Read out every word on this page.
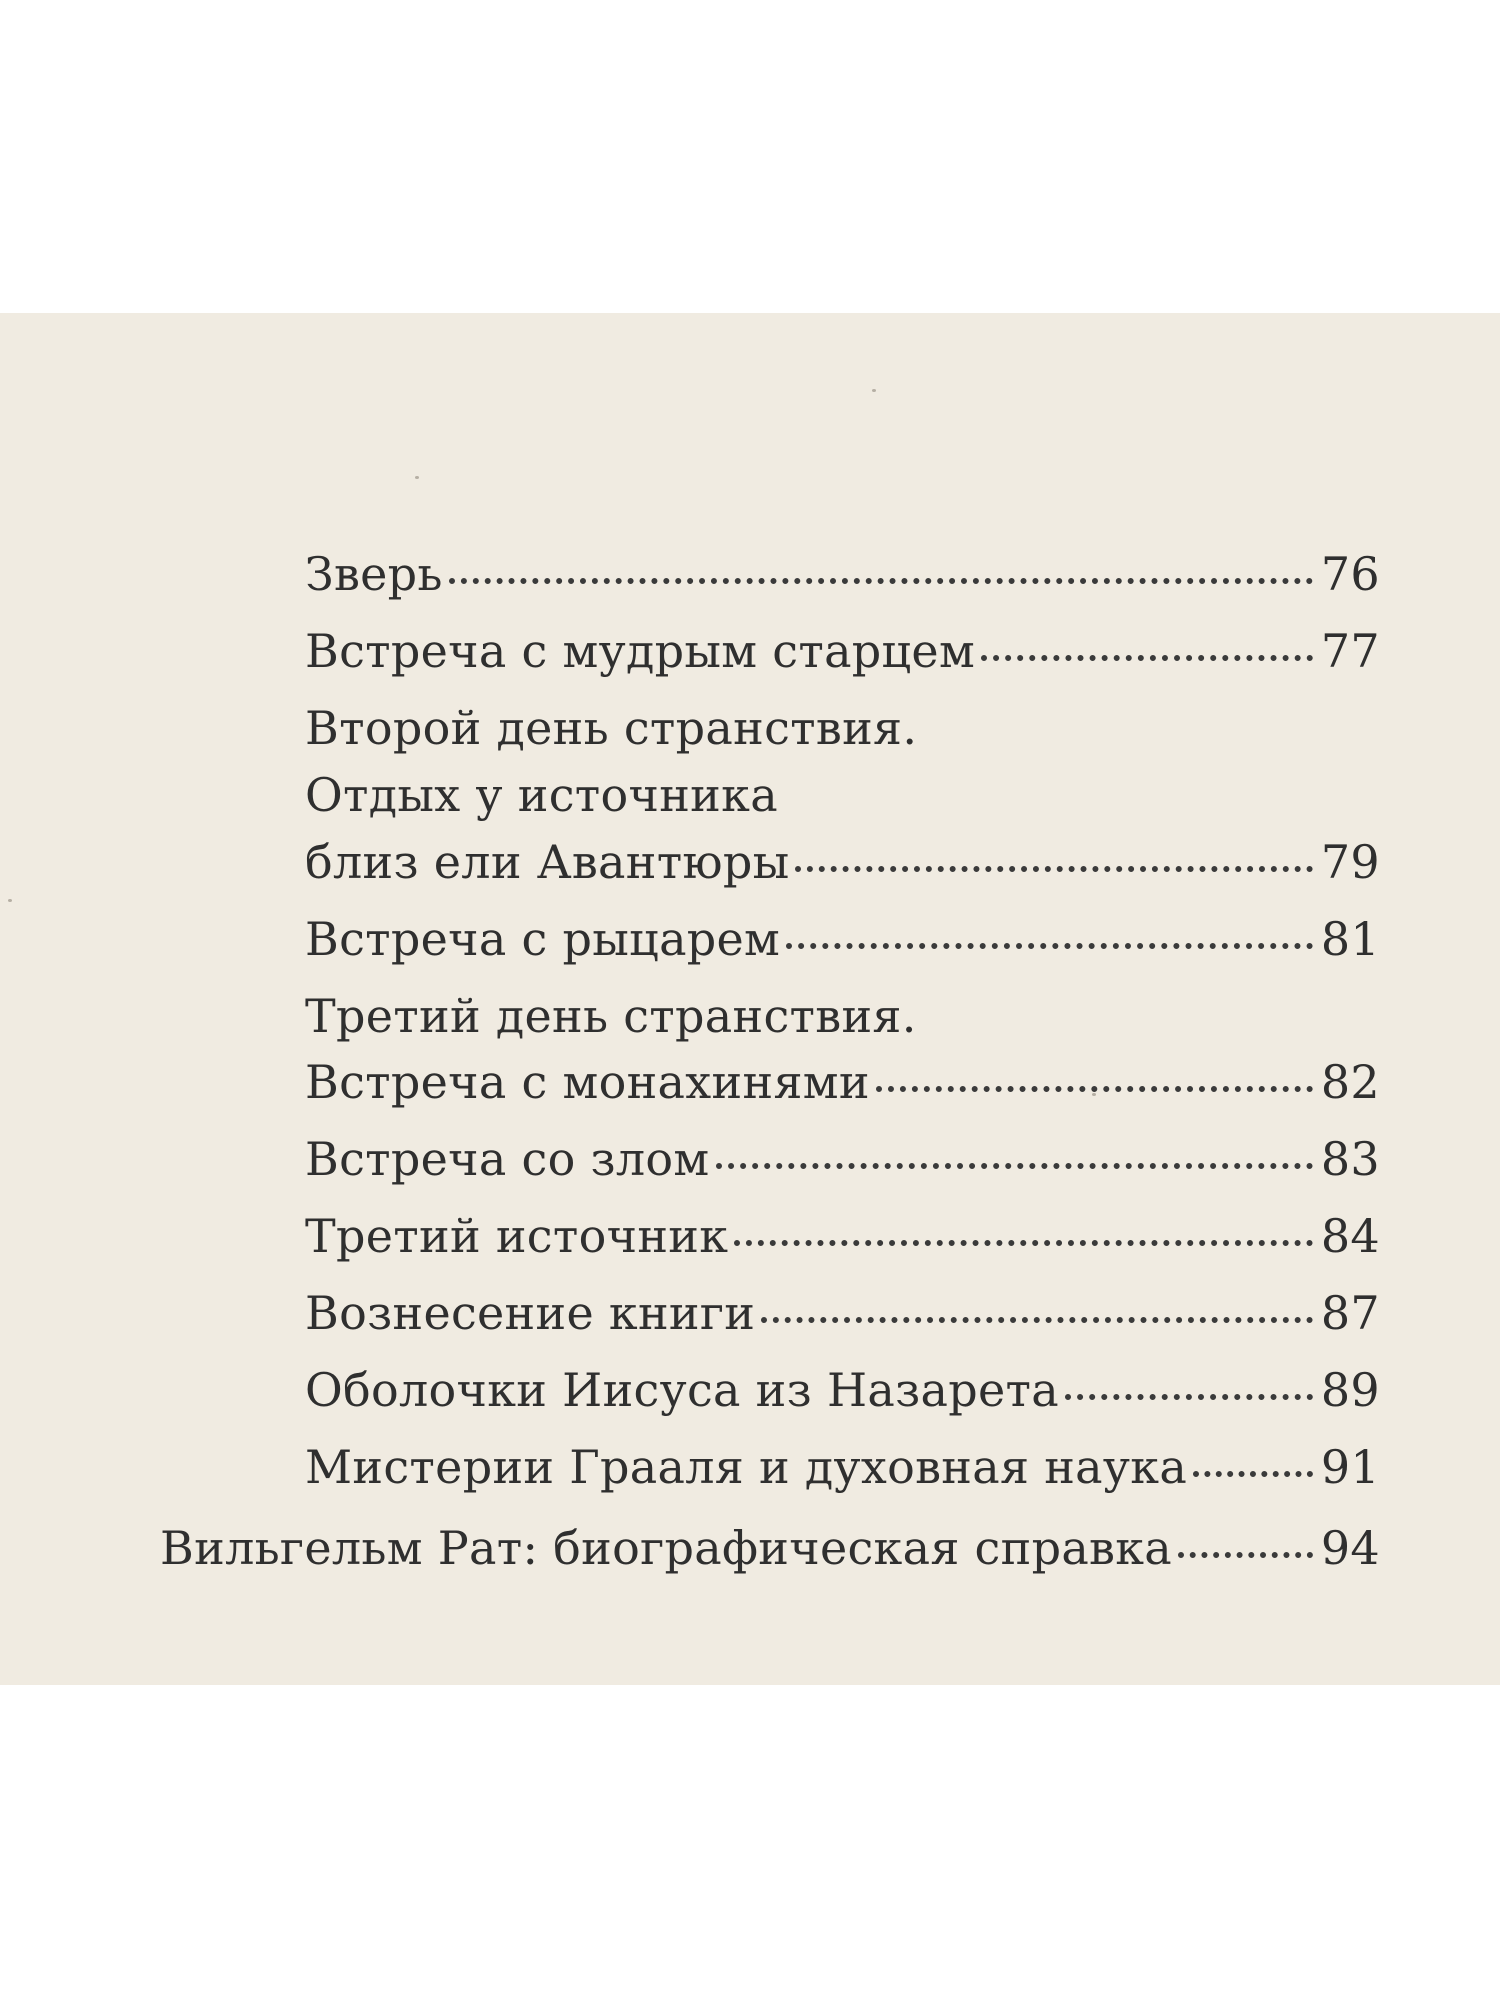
Зверь	76
Встреча с мудрым старцем	77
Второй день странствия.
Отдых у источника
близ ели Авантюры	79
Встреча с рыцарем	81
Третий день странствия.
Встреча с монахинями	82
Встреча со злом	83
Третий источник	84
Вознесение книги	87
Оболочки Иисуса из Назарета	89
Мистерии Грааля и духовная наука	91
Вильгельм Рат: биографическая справка	94
